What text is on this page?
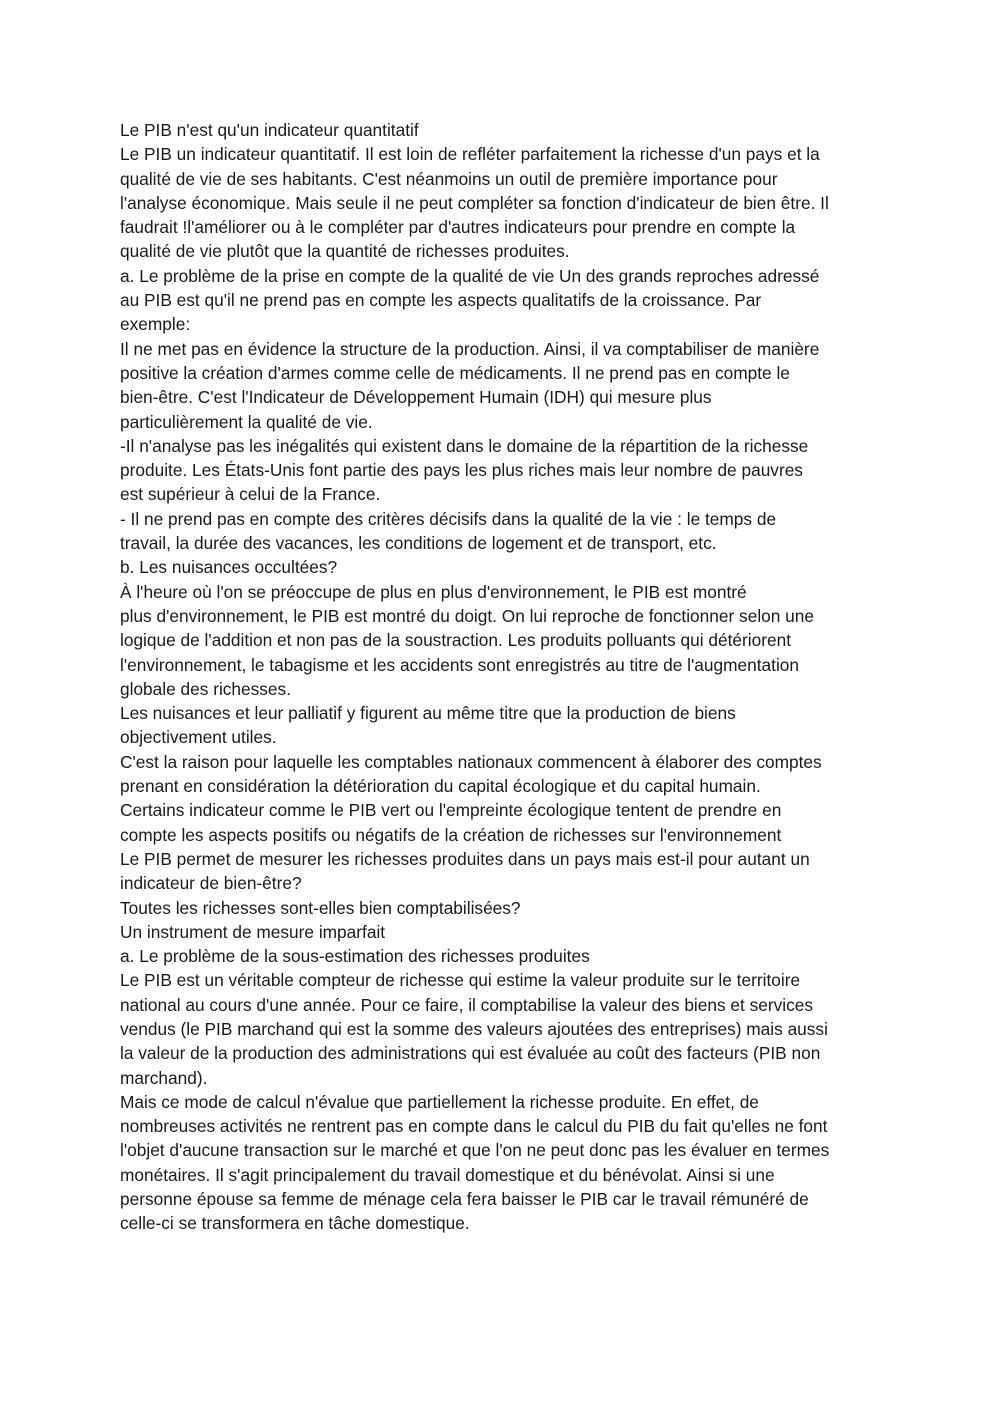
Le PIB n'est qu'un indicateur quantitatif
Le PIB un indicateur quantitatif. Il est loin de refléter parfaitement la richesse d'un pays et la
qualité de vie de ses habitants. C'est néanmoins un outil de première importance pour
l'analyse économique. Mais seule il ne peut compléter sa fonction d'indicateur de bien être. Il
faudrait !l'améliorer ou à le compléter par d'autres indicateurs pour prendre en compte la
qualité de vie plutôt que la quantité de richesses produites.
a. Le problème de la prise en compte de la qualité de vie Un des grands reproches adressé
au PIB est qu'il ne prend pas en compte les aspects qualitatifs de la croissance. Par
exemple:
Il ne met pas en évidence la structure de la production. Ainsi, il va comptabiliser de manière
positive la création d'armes comme celle de médicaments. Il ne prend pas en compte le
bien-être. C'est l'Indicateur de Développement Humain (IDH) qui mesure plus
particulièrement la qualité de vie.
-Il n'analyse pas les inégalités qui existent dans le domaine de la répartition de la richesse
produite. Les États-Unis font partie des pays les plus riches mais leur nombre de pauvres
est supérieur à celui de la France.
- Il ne prend pas en compte des critères décisifs dans la qualité de la vie : le temps de
travail, la durée des vacances, les conditions de logement et de transport, etc.
b. Les nuisances occultées?
À l'heure où l'on se préoccupe de plus en plus d'environnement, le PIB est montré
plus d'environnement, le PIB est montré du doigt. On lui reproche de fonctionner selon une
logique de l'addition et non pas de la soustraction. Les produits polluants qui détériorent
l'environnement, le tabagisme et les accidents sont enregistrés au titre de l'augmentation
globale des richesses.
Les nuisances et leur palliatif y figurent au même titre que la production de biens
objectivement utiles.
C'est la raison pour laquelle les comptables nationaux commencent à élaborer des comptes
prenant en considération la détérioration du capital écologique et du capital humain.
Certains indicateur comme le PIB vert ou l'empreinte écologique tentent de prendre en
compte les aspects positifs ou négatifs de la création de richesses sur l'environnement
Le PIB permet de mesurer les richesses produites dans un pays mais est-il pour autant un
indicateur de bien-être?
Toutes les richesses sont-elles bien comptabilisées?
Un instrument de mesure imparfait
a. Le problème de la sous-estimation des richesses produites
Le PIB est un véritable compteur de richesse qui estime la valeur produite sur le territoire
national au cours d'une année. Pour ce faire, il comptabilise la valeur des biens et services
vendus (le PIB marchand qui est la somme des valeurs ajoutées des entreprises) mais aussi
la valeur de la production des administrations qui est évaluée au coût des facteurs (PIB non
marchand).
Mais ce mode de calcul n'évalue que partiellement la richesse produite. En effet, de
nombreuses activités ne rentrent pas en compte dans le calcul du PIB du fait qu'elles ne font
l'objet d'aucune transaction sur le marché et que l'on ne peut donc pas les évaluer en termes
monétaires. Il s'agit principalement du travail domestique et du bénévolat. Ainsi si une
personne épouse sa femme de ménage cela fera baisser le PIB car le travail rémunéré de
celle-ci se transformera en tâche domestique.
